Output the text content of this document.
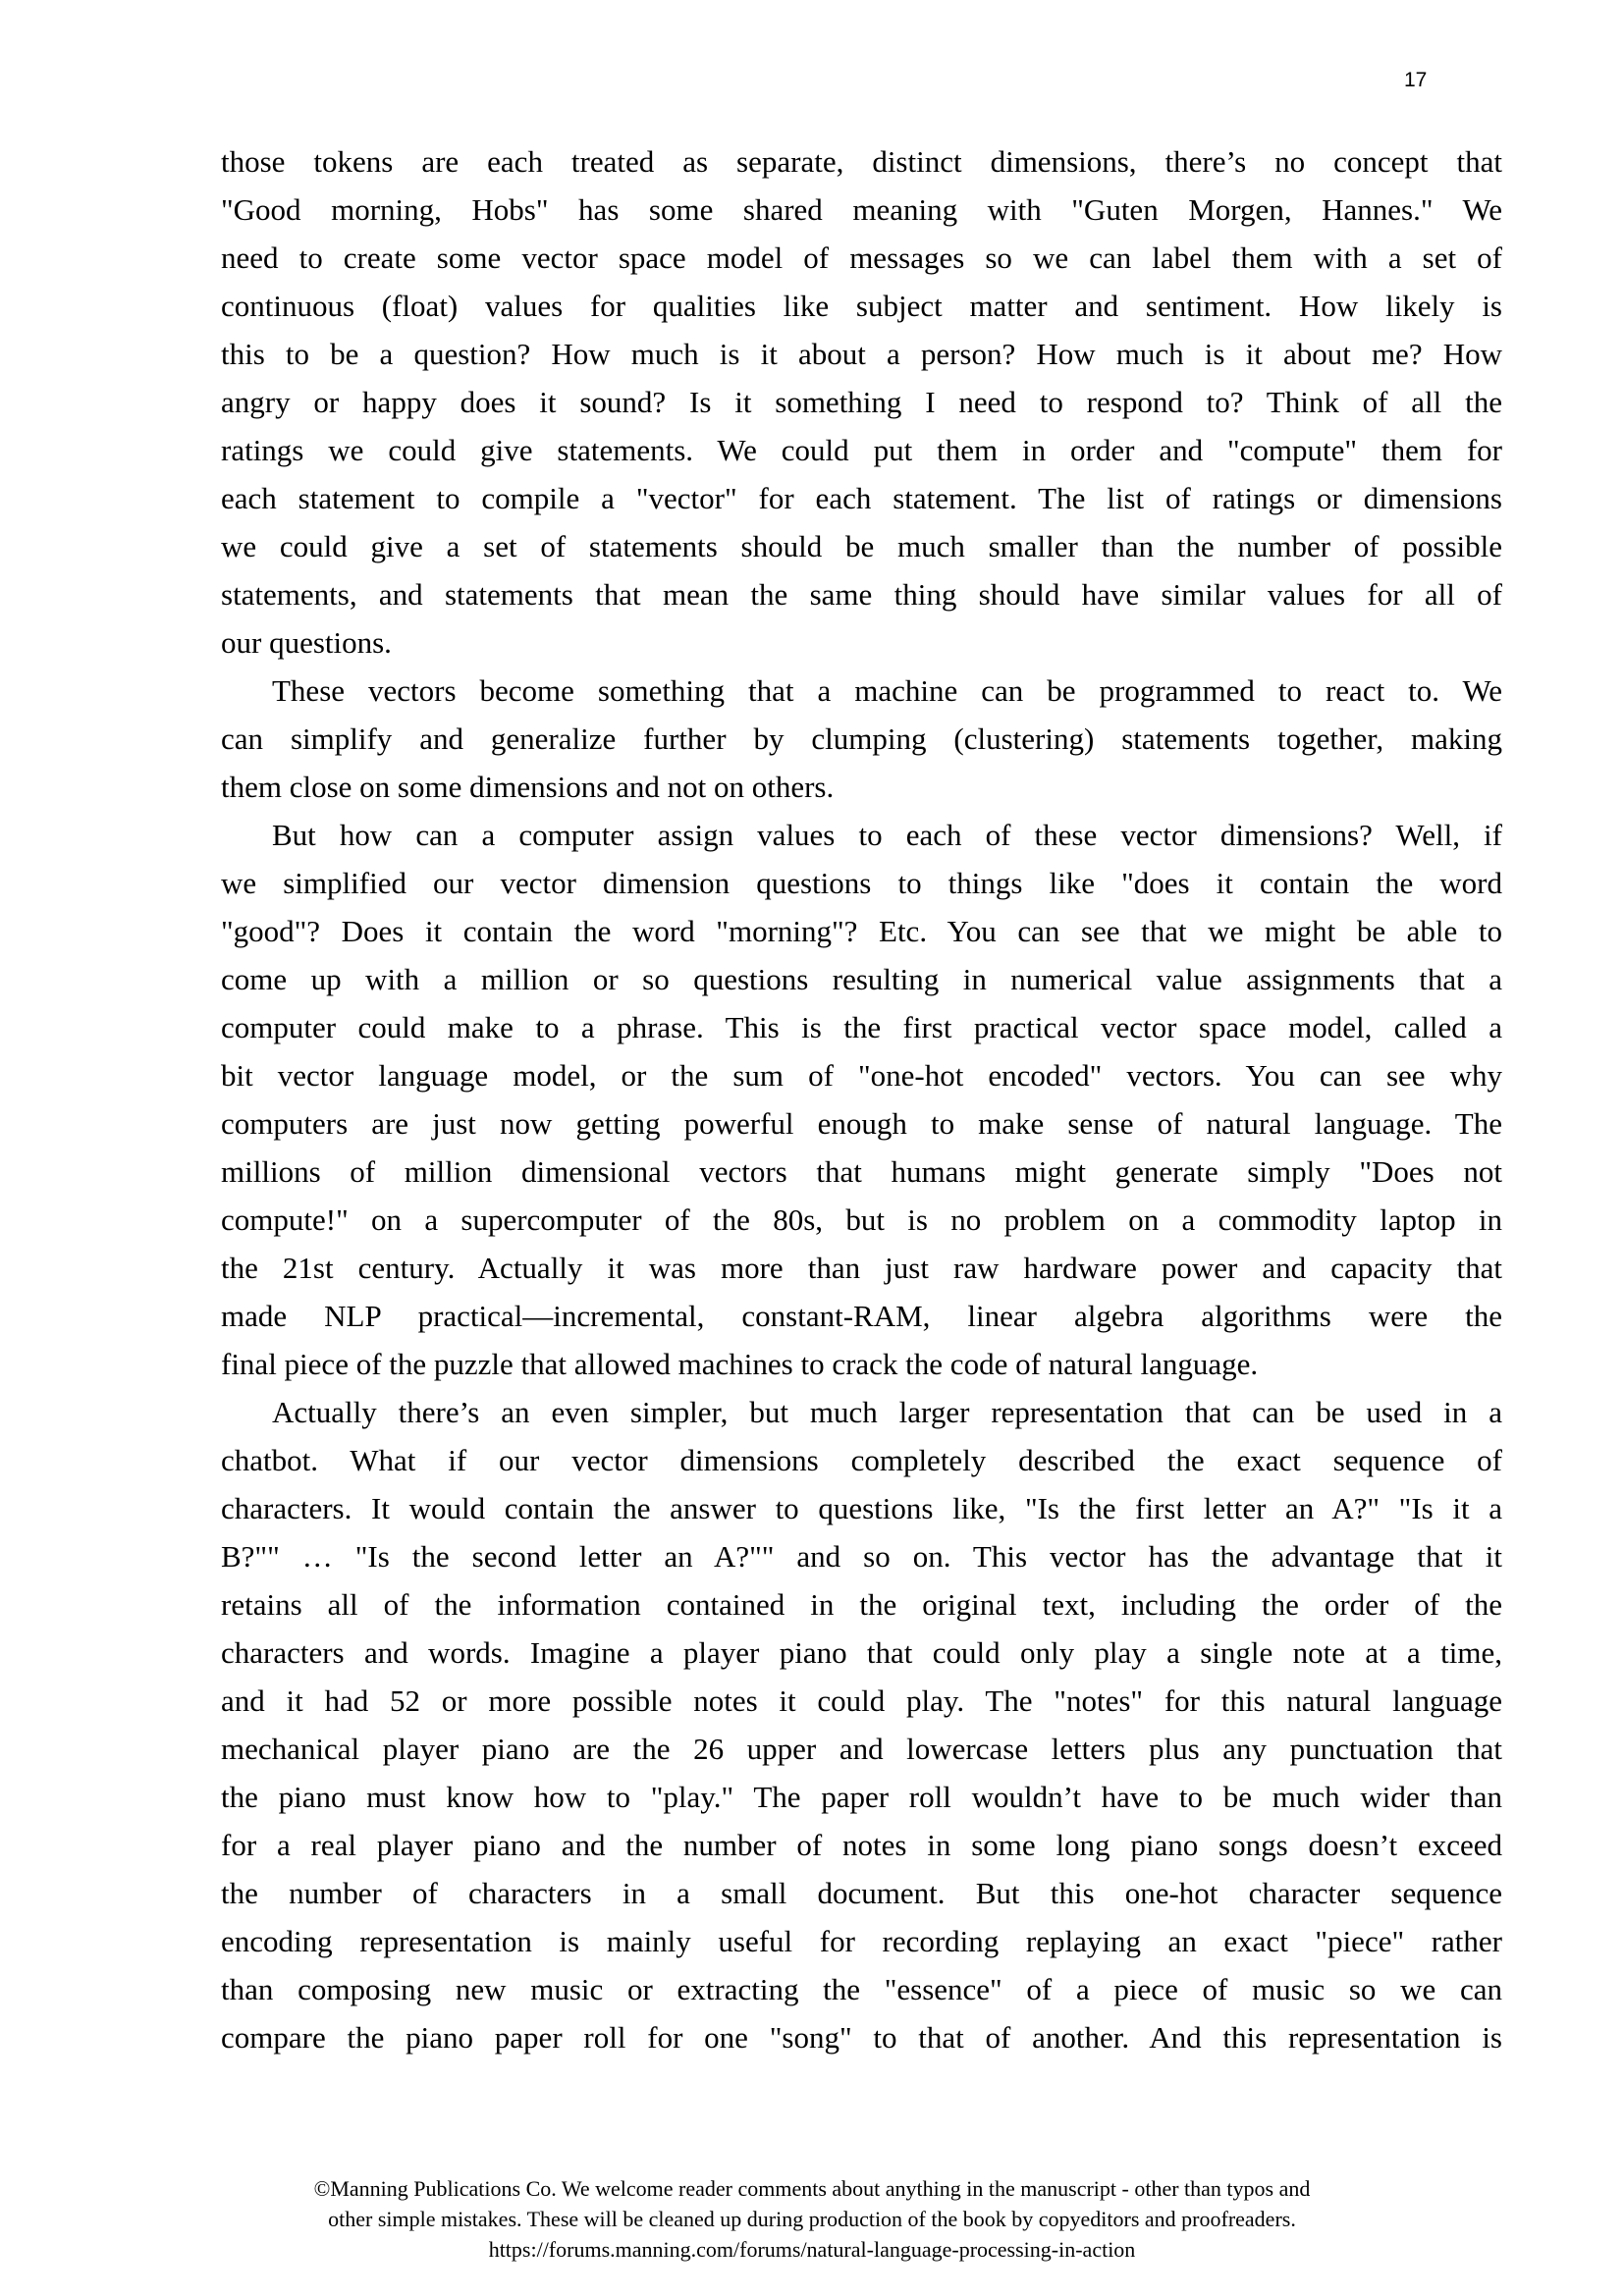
17
those tokens are each treated as separate, distinct dimensions, there’s no concept that
"Good morning, Hobs" has some shared meaning with "Guten Morgen, Hannes." We
need to create some vector space model of messages so we can label them with a set of
continuous (float) values for qualities like subject matter and sentiment. How likely is
this to be a question? How much is it about a person? How much is it about me? How
angry or happy does it sound? Is it something I need to respond to? Think of all the
ratings we could give statements. We could put them in order and "compute" them for
each statement to compile a "vector" for each statement. The list of ratings or dimensions
we could give a set of statements should be much smaller than the number of possible
statements, and statements that mean the same thing should have similar values for all of
our questions.
These vectors become something that a machine can be programmed to react to. We
can simplify and generalize further by clumping (clustering) statements together, making
them close on some dimensions and not on others.
But how can a computer assign values to each of these vector dimensions? Well, if
we simplified our vector dimension questions to things like "does it contain the word
"good"? Does it contain the word "morning"? Etc. You can see that we might be able to
come up with a million or so questions resulting in numerical value assignments that a
computer could make to a phrase. This is the first practical vector space model, called a
bit vector language model, or the sum of "one-hot encoded" vectors. You can see why
computers are just now getting powerful enough to make sense of natural language. The
millions of million dimensional vectors that humans might generate simply "Does not
compute!" on a supercomputer of the 80s, but is no problem on a commodity laptop in
the 21st century. Actually it was more than just raw hardware power and capacity that
made NLP practical—incremental, constant-RAM, linear algebra algorithms were the
final piece of the puzzle that allowed machines to crack the code of natural language.
Actually there’s an even simpler, but much larger representation that can be used in a
chatbot. What if our vector dimensions completely described the exact sequence of
characters. It would contain the answer to questions like, "Is the first letter an A?" "Is it a
B?"" … "Is the second letter an A?"" and so on. This vector has the advantage that it
retains all of the information contained in the original text, including the order of the
characters and words. Imagine a player piano that could only play a single note at a time,
and it had 52 or more possible notes it could play. The "notes" for this natural language
mechanical player piano are the 26 upper and lowercase letters plus any punctuation that
the piano must know how to "play." The paper roll wouldn’t have to be much wider than
for a real player piano and the number of notes in some long piano songs doesn’t exceed
the number of characters in a small document. But this one-hot character sequence
encoding representation is mainly useful for recording replaying an exact "piece" rather
than composing new music or extracting the "essence" of a piece of music so we can
compare the piano paper roll for one "song" to that of another. And this representation is
©Manning Publications Co. We welcome reader comments about anything in the manuscript - other than typos and
other simple mistakes. These will be cleaned up during production of the book by copyeditors and proofreaders.
https://forums.manning.com/forums/natural-language-processing-in-action
